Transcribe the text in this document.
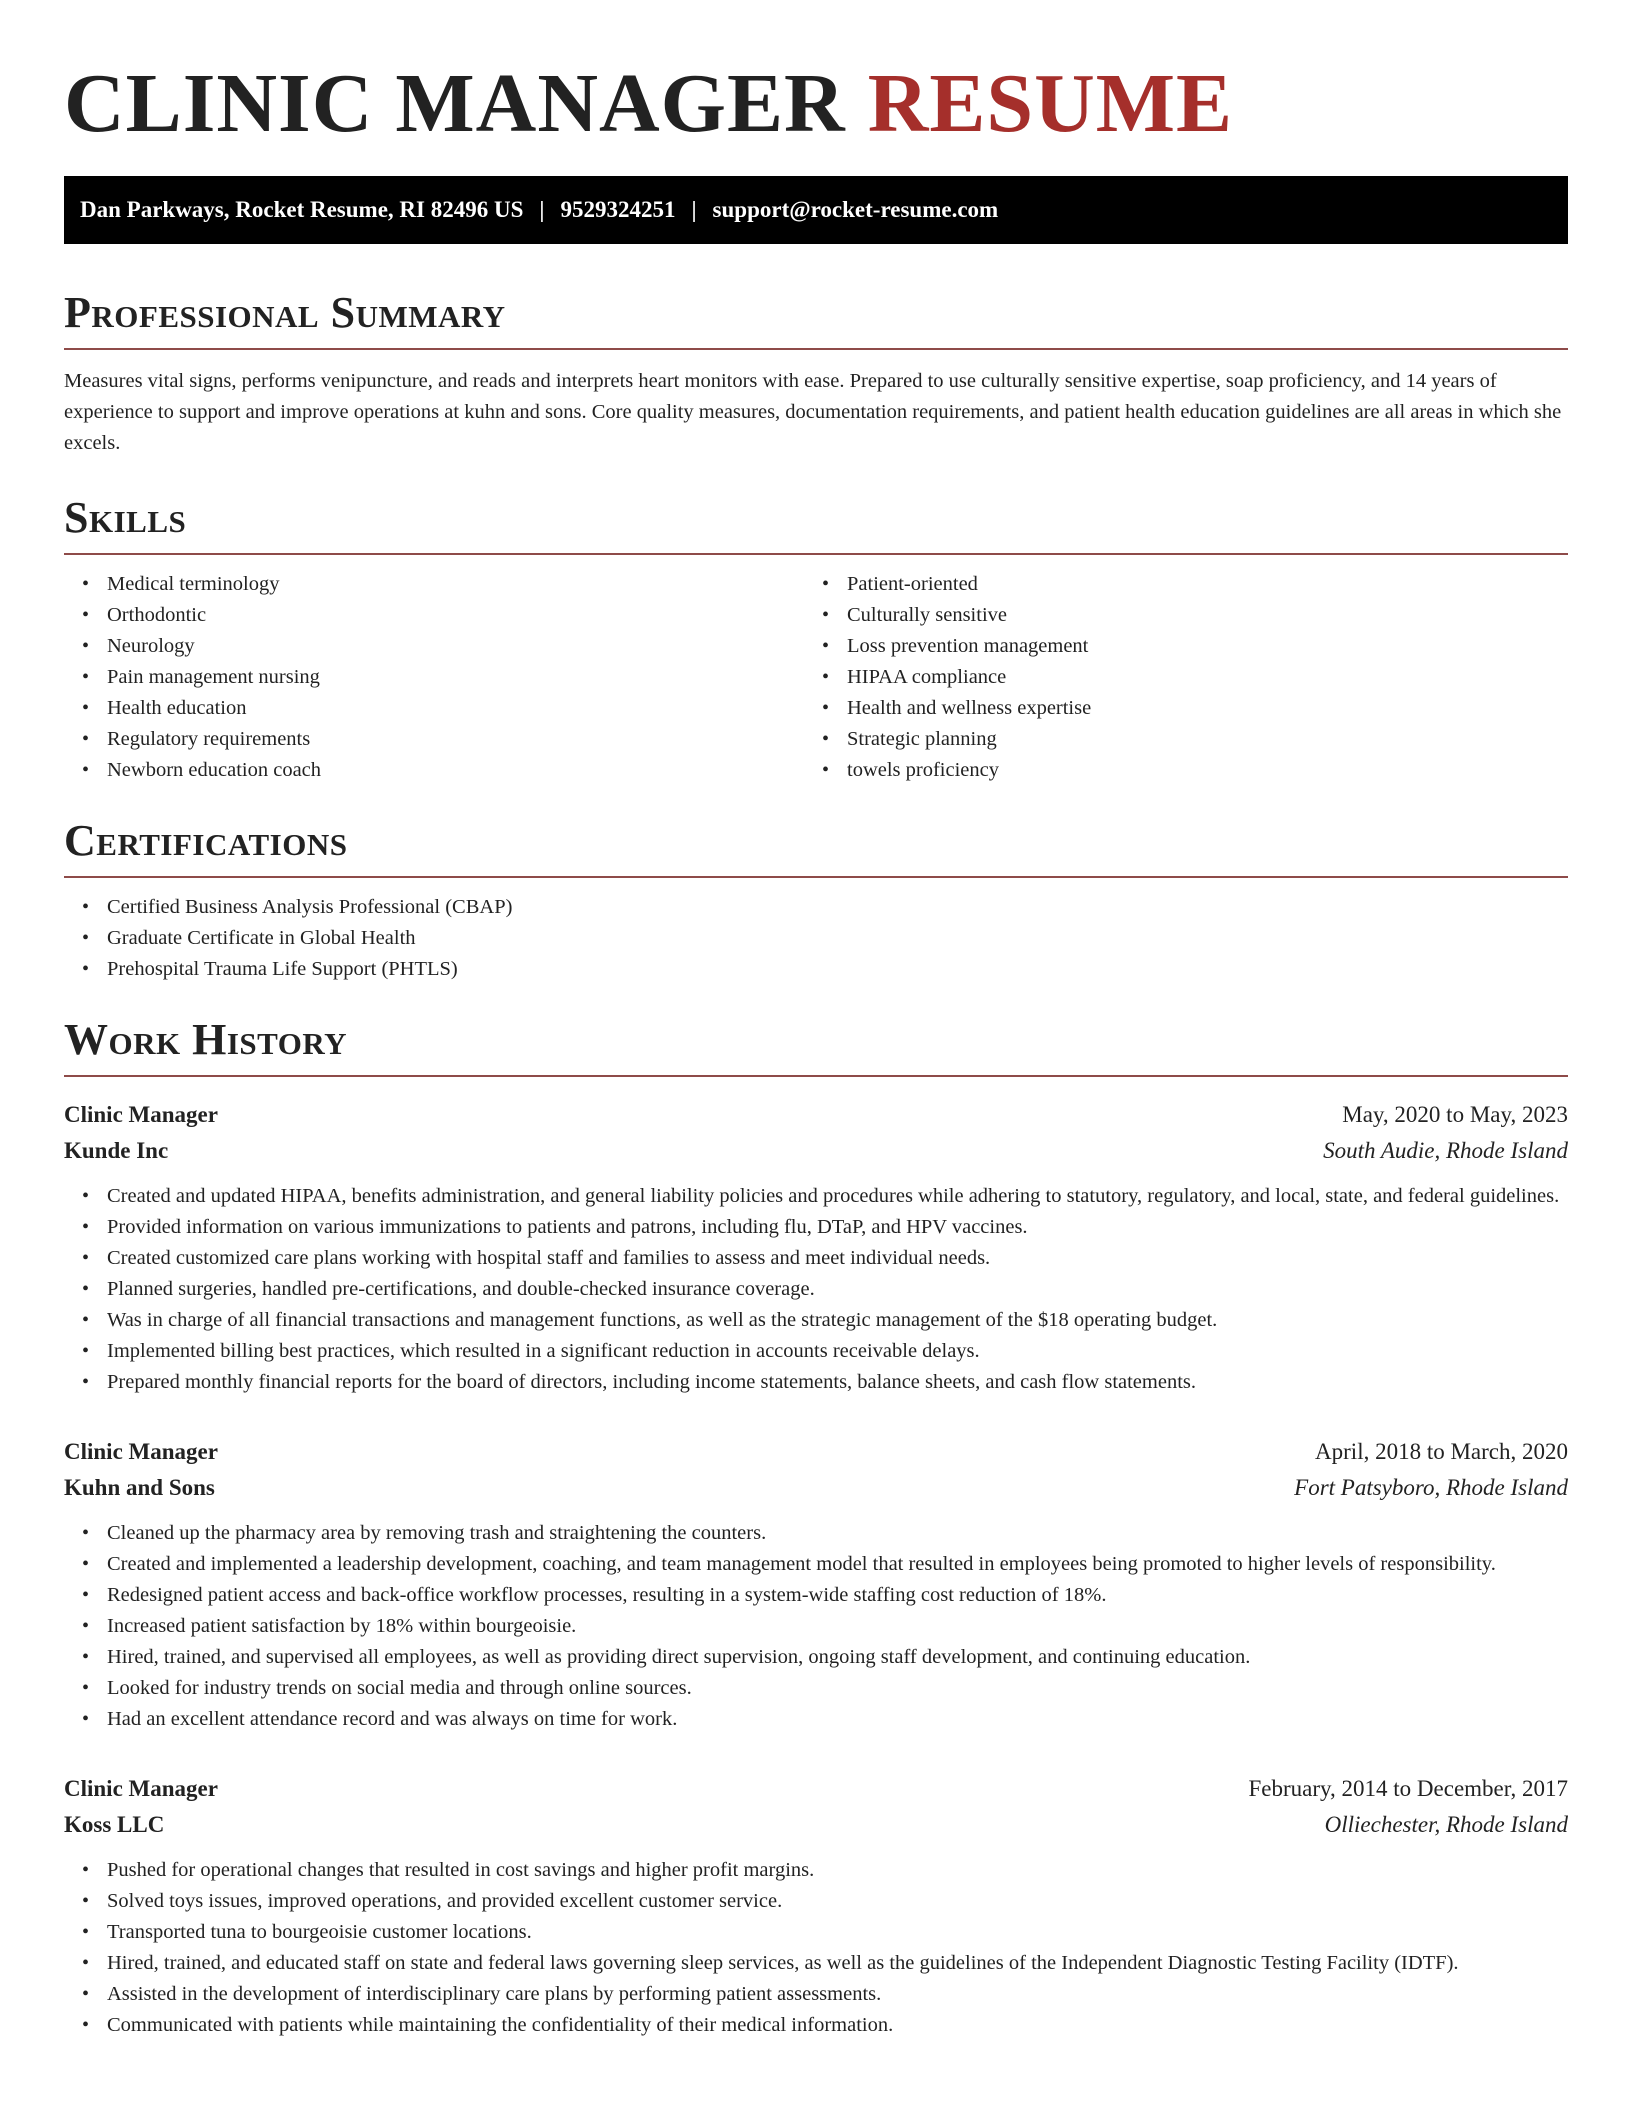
CLINIC MANAGER RESUME
Dan Parkways, Rocket Resume, RI 82496 US | 9529324251 | support@rocket-resume.com
Professional Summary

Measures vital signs, performs venipuncture, and reads and interprets heart monitors with ease. Prepared to use culturally sensitive expertise, soap proficiency, and 14 years of experience to support and improve operations at kuhn and sons. Core quality measures, documentation requirements, and patient health education guidelines are all areas in which she excels.

Skills
• Medical terminology
• Orthodontic
• Neurology
• Pain management nursing
• Health education
• Regulatory requirements
• Newborn education coach
• Patient-oriented
• Culturally sensitive
• Loss prevention management
• HIPAA compliance
• Health and wellness expertise
• Strategic planning
• towels proficiency
Certifications
• Certified Business Analysis Professional (CBAP)
• Graduate Certificate in Global Health
• Prehospital Trauma Life Support (PHTLS)
Work History
Clinic Manager	May, 2020 to May, 2023
Kunde Inc	South Audie, Rhode Island
• Created and updated HIPAA, benefits administration, and general liability policies and procedures while adhering to statutory, regulatory, and local, state, and federal guidelines.
• Provided information on various immunizations to patients and patrons, including flu, DTaP, and HPV vaccines.
• Created customized care plans working with hospital staff and families to assess and meet individual needs.
• Planned surgeries, handled pre-certifications, and double-checked insurance coverage.
• Was in charge of all financial transactions and management functions, as well as the strategic management of the $18 operating budget.
• Implemented billing best practices, which resulted in a significant reduction in accounts receivable delays.
• Prepared monthly financial reports for the board of directors, including income statements, balance sheets, and cash flow statements.
Clinic Manager	April, 2018 to March, 2020
Kuhn and Sons	Fort Patsyboro, Rhode Island
• Cleaned up the pharmacy area by removing trash and straightening the counters.
• Created and implemented a leadership development, coaching, and team management model that resulted in employees being promoted to higher levels of responsibility.
• Redesigned patient access and back-office workflow processes, resulting in a system-wide staffing cost reduction of 18%.
• Increased patient satisfaction by 18% within bourgeoisie.
• Hired, trained, and supervised all employees, as well as providing direct supervision, ongoing staff development, and continuing education.
• Looked for industry trends on social media and through online sources.
• Had an excellent attendance record and was always on time for work.
Clinic Manager	February, 2014 to December, 2017
Koss LLC	Olliechester, Rhode Island
• Pushed for operational changes that resulted in cost savings and higher profit margins.
• Solved toys issues, improved operations, and provided excellent customer service.
• Transported tuna to bourgeoisie customer locations.
• Hired, trained, and educated staff on state and federal laws governing sleep services, as well as the guidelines of the Independent Diagnostic Testing Facility (IDTF).
• Assisted in the development of interdisciplinary care plans by performing patient assessments.
• Communicated with patients while maintaining the confidentiality of their medical information.
